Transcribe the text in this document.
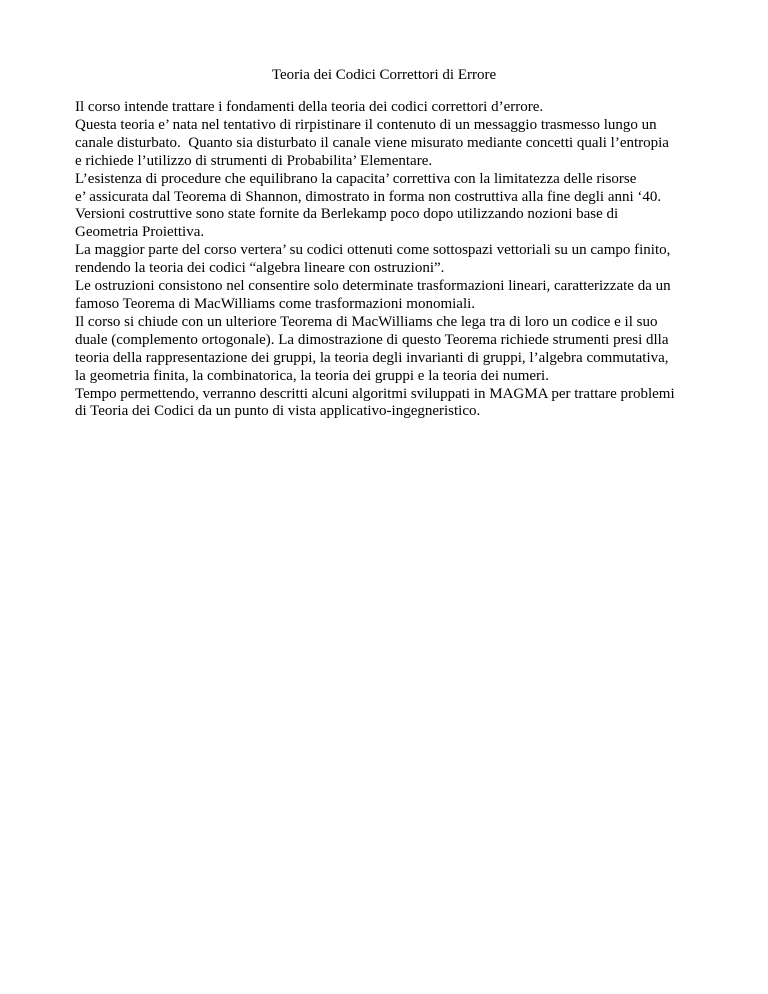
Teoria dei Codici Correttori di Errore
Il corso intende trattare i fondamenti della teoria dei codici correttori d’errore.
Questa teoria e’ nata nel tentativo di rirpistinare il contenuto di un messaggio trasmesso lungo un
canale disturbato.  Quanto sia disturbato il canale viene misurato mediante concetti quali l’entropia
e richiede l’utilizzo di strumenti di Probabilita’ Elementare.
L’esistenza di procedure che equilibrano la capacita’ correttiva con la limitatezza delle risorse
e’ assicurata dal Teorema di Shannon, dimostrato in forma non costruttiva alla fine degli anni ‘40.
Versioni costruttive sono state fornite da Berlekamp poco dopo utilizzando nozioni base di
Geometria Proiettiva.
La maggior parte del corso vertera’ su codici ottenuti come sottospazi vettoriali su un campo finito,
rendendo la teoria dei codici “algebra lineare con ostruzioni”.
Le ostruzioni consistono nel consentire solo determinate trasformazioni lineari, caratterizzate da un
famoso Teorema di MacWilliams come trasformazioni monomiali.
Il corso si chiude con un ulteriore Teorema di MacWilliams che lega tra di loro un codice e il suo
duale (complemento ortogonale). La dimostrazione di questo Teorema richiede strumenti presi dlla
teoria della rappresentazione dei gruppi, la teoria degli invarianti di gruppi, l’algebra commutativa,
la geometria finita, la combinatorica, la teoria dei gruppi e la teoria dei numeri.
Tempo permettendo, verranno descritti alcuni algoritmi sviluppati in MAGMA per trattare problemi
di Teoria dei Codici da un punto di vista applicativo-ingegneristico.
